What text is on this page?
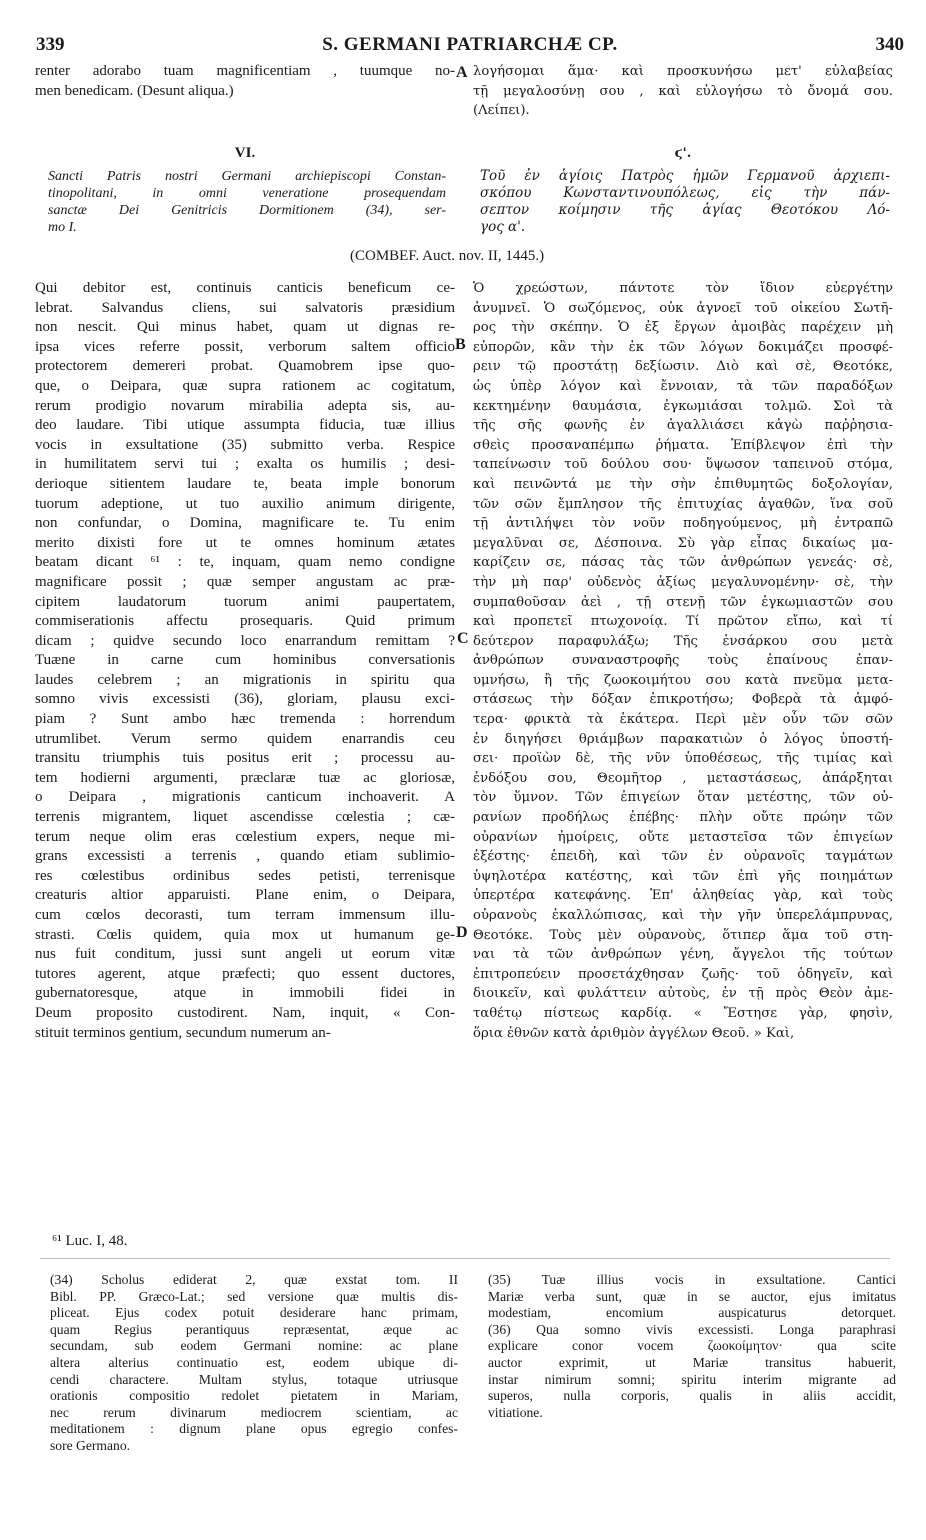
339	S. GERMANI PATRIARCHÆ CP.	340
renter adorabo tuam magnificentiam , tuumque no-
men benedicam. (Desunt aliqua.)
VI.
Sancti Patris nostri Germani archiepiscopi Constan-
tinopolitani, in omni veneratione prosequendam
sanctæ Dei Genitricis Dormitionem (34), ser-
mo I.
(COMBEF. Auct. nov. II, 1445.)
Qui debitor est, continuis canticis beneficum ce-
lebrat. Salvandus cliens, sui salvatoris præsidium
non nescit. Qui minus habet, quam ut dignas re-
ipsa vices referre possit, verborum saltem officio
protectorem demereri probat. Quamobrem ipse quo-
que, o Deipara, quæ supra rationem ac cogitatum,
rerum prodigio novarum mirabilia adepta sis, au-
deo laudare. Tibi utique assumpta fiducia, tuæ illius
vocis in exsultatione (35) submitto verba. Respice
in humilitatem servi tui ; exalta os humilis ; desi-
derioque sitientem laudare te, beata imple bonorum
tuorum adeptione, ut tuo auxilio animum dirigente,
non confundar, o Domina, magnificare te. Tu enim
merito dixisti fore ut te omnes hominum ætates
beatam dicant ⁶¹ : te, inquam, quam nemo condigne
magnificare possit ; quæ semper angustam ac præ-
cipitem laudatorum tuorum animi paupertatem,
commiserationis affectu prosequaris. Quid primum
dicam ; quidve secundo loco enarrandum remittam ?
Tuæne in carne cum hominibus conversationis
laudes celebrem ; an migrationis in spiritu qua
somno vivis excessisti (36), gloriam, plausu exci-
piam ? Sunt ambo hæc tremenda : horrendum
utrumlibet. Verum sermo quidem enarrandis ceu
transitu triumphis tuis positus erit ; processu au-
tem hodierni argumenti, præclaræ tuæ ac gloriosæ,
o Deipara , migrationis canticum inchoaverit. A
terrenis migrantem, liquet ascendisse cœlestia ; cæ-
terum neque olim eras cœlestium expers, neque mi-
grans excessisti a terrenis , quando etiam sublimio-
res cœlestibus ordinibus sedes petisti, terrenisque
creaturis altior apparuisti. Plane enim, o Deipara,
cum cœlos decorasti, tum terram immensum illu-
strasti. Cœlis quidem, quia mox ut humanum ge-
nus fuit conditum, jussi sunt angeli ut eorum vitæ
tutores agerent, atque præfecti; quo essent ductores,
gubernatoresque, atque in immobili fidei in
Deum proposito custodirent. Nam, inquit, « Con-
stituit terminos gentium, secundum numerum an-
λογήσομαι ἅμα· καὶ προσκυνήσω μετ' εὐλαβείας
τῇ μεγαλοσύνῃ σου , καὶ εὐλογήσω τὸ ὄνομά σου.
(Λείπει).
ϛ'.
Τοῦ ἐν ἁγίοις Πατρὸς ἡμῶν Γερμανοῦ ἀρχιεπι-
σκόπου Κωνσταντινουπόλεως, εἰς τὴν πάν-
σεπτον κοίμησιν τῆς ἁγίας Θεοτόκου Λό-
γος α'.
Ὁ χρεώστων, πάντοτε τὸν ἴδιον εὐεργέτην
ἀνυμνεῖ. Ὁ σωζόμενος, οὐκ ἀγνοεῖ τοῦ οἰκείου Σωτῆ-
ρος τὴν σκέπην. Ὁ ἐξ ἔργων ἀμοιβὰς παρέχειν μὴ
εὐπορῶν, κἂν τὴν ἐκ τῶν λόγων δοκιμάζει προσφέ-
ρειν τῷ προστάτῃ δεξίωσιν. Διὸ καὶ σὲ, Θεοτόκε,
ὡς ὑπὲρ λόγον καὶ ἔννοιαν, τὰ τῶν παραδόξων
κεκτημένην θαυμάσια, ἐγκωμιάσαι τολμῶ. Σοὶ τὰ
τῆς σῆς φωνῆς ἐν ἀγαλλιάσει κἀγὼ παῤῥησια-
σθεὶς προσαναπέμπω ῥήματα. Ἐπίβλεψον ἐπὶ τὴν
ταπείνωσιν τοῦ δούλου σου· ὕψωσον ταπεινοῦ στόμα,
καὶ πεινῶντά με τὴν σὴν ἐπιθυμητῶς δοξολογίαν,
τῶν σῶν ἔμπλησον τῆς ἐπιτυχίας ἀγαθῶν, ἵνα σοῦ
τῇ ἀντιλήψει τὸν νοῦν ποδηγούμενος, μὴ ἐντραπῶ
μεγαλῦναι σε, Δέσποινα. Σὺ γὰρ εἶπας δικαίως μα-
καρίζειν σε, πάσας τὰς τῶν ἀνθρώπων γενεάς· σὲ,
τὴν μὴ παρ' οὐδενὸς ἀξίως μεγαλυνομένην· σὲ, τὴν
συμπαθοῦσαν ἀεὶ , τῇ στενῇ τῶν ἐγκωμιαστῶν σου
καὶ προπετεῖ πτωχονοίᾳ. Τί πρῶτον εἴπω, καὶ τί
δεύτερον παραφυλάξω; Τῆς ἐνσάρκου σου μετὰ
ἀνθρώπων συναναστροφῆς τοὺς ἐπαίνους ἐπαν-
υμνήσω, ἢ τῆς ζωοκοιμήτου σου κατὰ πνεῦμα μετα-
στάσεως τὴν δόξαν ἐπικροτήσω; Φοβερὰ τὰ ἀμφό-
τερα· φρικτὰ τὰ ἑκάτερα. Περὶ μὲν οὖν τῶν σῶν
ἐν διηγήσει θριάμβων παρακατιὼν ὁ λόγος ὑποστή-
σει· προϊὼν δὲ, τῆς νῦν ὑποθέσεως, τῆς τιμίας καὶ
ἐνδόξου σου, Θεομῆτορ , μεταστάσεως, ἀπάρξηται
τὸν ὕμνον. Τῶν ἐπιγείων ὅταν μετέστης, τῶν οὐ-
ρανίων προδήλως ἐπέβης· πλὴν οὔτε πρώην τῶν
οὐρανίων ἠμοίρεις, οὔτε μεταστεῖσα τῶν ἐπιγείων
ἐξέστης· ἐπειδὴ, καὶ τῶν ἐν οὐρανοῖς ταγμάτων
ὑψηλοτέρα κατέστης, καὶ τῶν ἐπὶ γῆς ποιημάτων
ὑπερτέρα κατεφάνης. Ἐπ' ἀληθείας γὰρ, καὶ τοὺς
οὐρανοὺς ἐκαλλώπισας, καὶ τὴν γῆν ὑπερελάμπρυνας,
Θεοτόκε. Τοὺς μὲν οὐρανοὺς, ὅτιπερ ἅμα τοῦ στη-
ναι τὰ τῶν ἀνθρώπων γένη, ἄγγελοι τῆς τούτων
ἐπιτροπεύειν προσετάχθησαν ζωῆς· τοῦ ὁδηγεῖν, καὶ
διοικεῖν, καὶ φυλάττειν αὐτοὺς, ἐν τῇ πρὸς Θεὸν ἀμε-
ταθέτῳ πίστεως καρδίᾳ. « Ἔστησε γὰρ, φησὶν,
ὅρια ἐθνῶν κατὰ ἀριθμὸν ἀγγέλων Θεοῦ. » Καὶ,
A
B
C
D
⁶¹ Luc. I, 48.
(34) Scholus ediderat 2, quæ exstat tom. II
Bibl. PP. Græco-Lat.; sed versione quæ multis dis-
pliceat. Ejus codex potuit desiderare hanc primam,
quam Regius perantiquus repræsentat, æque ac
secundam, sub eodem Germani nomine: ac plane
altera alterius continuatio est, eodem ubique di-
cendi charactere. Multam stylus, totaque utriusque
orationis compositio redolet pietatem in Mariam,
nec rerum divinarum mediocrem scientiam, ac
meditationem : dignum plane opus egregio confes-
sore Germano.
(35) Tuæ illius vocis in exsultatione. Cantici
Mariæ verba sunt, quæ in se auctor, ejus imitatus
modestiam, encomium auspicaturus detorquet.
(36) Qua somno vivis excessisti. Longa paraphrasi
explicare conor vocem ζωοκοίμητον· qua scite
auctor exprimit, ut Mariæ transitus habuerit,
instar nimirum somni; spiritu interim migrante ad
superos, nulla corporis, qualis in aliis accidit,
vitiatione.
